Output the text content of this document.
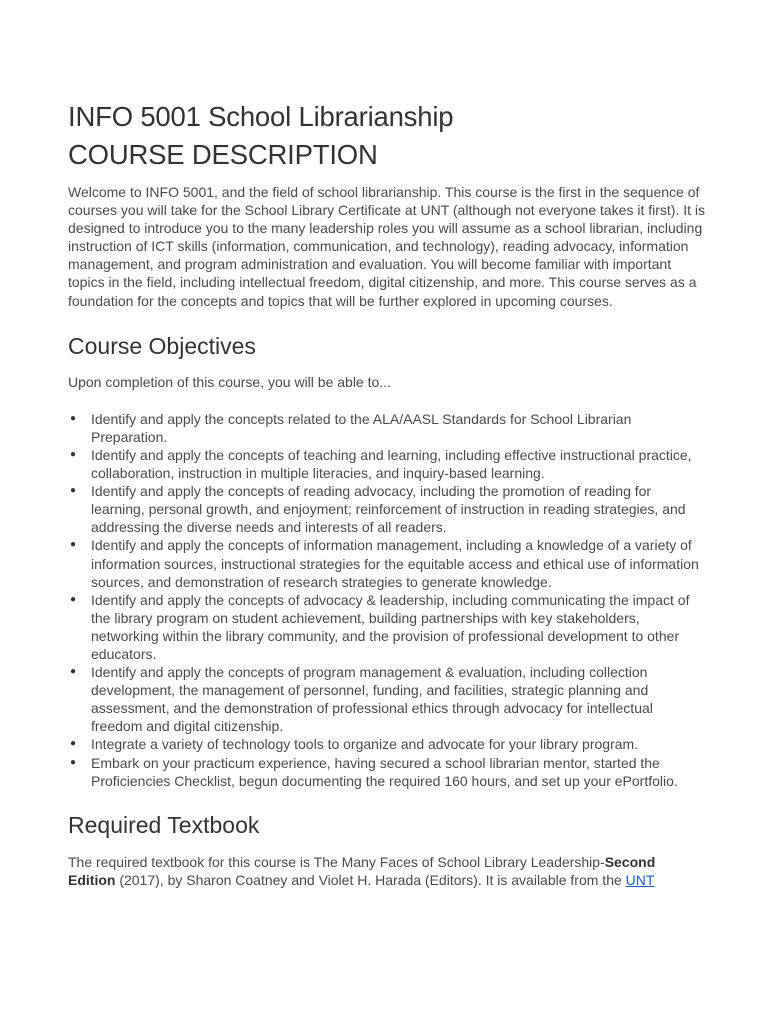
INFO 5001 School Librarianship
COURSE DESCRIPTION

Welcome to INFO 5001, and the field of school librarianship. This course is the first in the sequence of courses you will take for the School Library Certificate at UNT (although not everyone takes it first). It is designed to introduce you to the many leadership roles you will assume as a school librarian, including instruction of ICT skills (information, communication, and technology), reading advocacy, information management, and program administration and evaluation. You will become familiar with important topics in the field, including intellectual freedom, digital citizenship, and more. This course serves as a foundation for the concepts and topics that will be further explored in upcoming courses.

Course Objectives

Upon completion of this course, you will be able to...

● Identify and apply the concepts related to the ALA/AASL Standards for School Librarian Preparation.
● Identify and apply the concepts of teaching and learning, including effective instructional practice, collaboration, instruction in multiple literacies, and inquiry-based learning.
● Identify and apply the concepts of reading advocacy, including the promotion of reading for learning, personal growth, and enjoyment; reinforcement of instruction in reading strategies, and addressing the diverse needs and interests of all readers.
● Identify and apply the concepts of information management, including a knowledge of a variety of information sources, instructional strategies for the equitable access and ethical use of information sources, and demonstration of research strategies to generate knowledge.
● Identify and apply the concepts of advocacy & leadership, including communicating the impact of the library program on student achievement, building partnerships with key stakeholders, networking within the library community, and the provision of professional development to other educators.
● Identify and apply the concepts of program management & evaluation, including collection development, the management of personnel, funding, and facilities, strategic planning and assessment, and the demonstration of professional ethics through advocacy for intellectual freedom and digital citizenship.
● Integrate a variety of technology tools to organize and advocate for your library program.
● Embark on your practicum experience, having secured a school librarian mentor, started the Proficiencies Checklist, begun documenting the required 160 hours, and set up your ePortfolio.
Required Textbook

The required textbook for this course is The Many Faces of School Library Leadership-Second
Edition (2017), by Sharon Coatney and Violet H. Harada (Editors). It is available from the UNT
